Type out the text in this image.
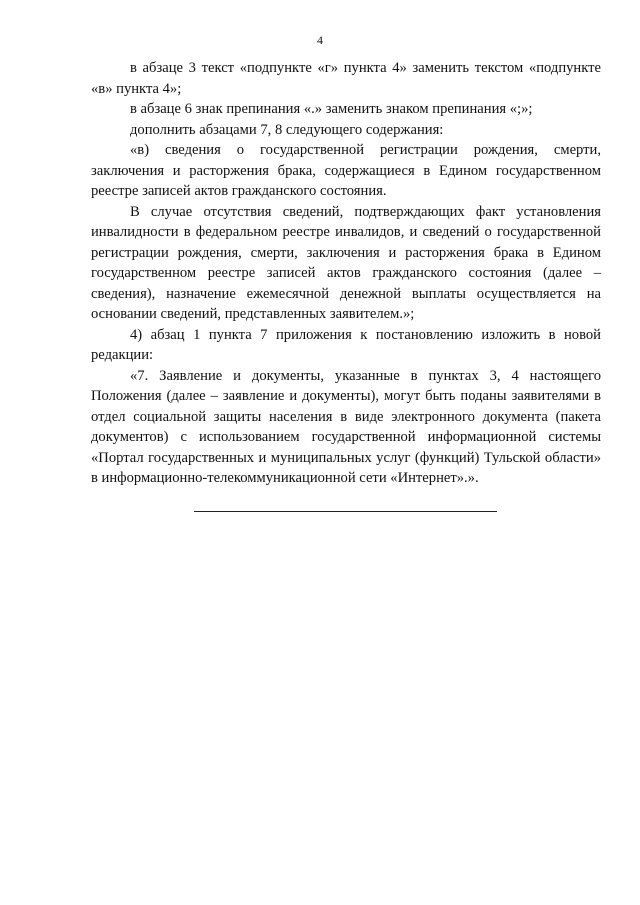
4

в абзаце 3 текст «подпункте «г» пункта 4» заменить текстом «подпункте «в» пункта 4»;

в абзаце 6 знак препинания «.» заменить знаком препинания «;»;

дополнить абзацами 7, 8 следующего содержания:

«в) сведения о государственной регистрации рождения, смерти, заключения и расторжения брака, содержащиеся в Едином государственном реестре записей актов гражданского состояния.

В случае отсутствия сведений, подтверждающих факт установления инвалидности в федеральном реестре инвалидов, и сведений о государственной регистрации рождения, смерти, заключения и расторжения брака в Едином государственном реестре записей актов гражданского состояния (далее – сведения), назначение ежемесячной денежной выплаты осуществляется на основании сведений, представленных заявителем.»;

4) абзац 1 пункта 7 приложения к постановлению изложить в новой редакции:

«7. Заявление и документы, указанные в пунктах 3, 4 настоящего Положения (далее – заявление и документы), могут быть поданы заявителями в отдел социальной защиты населения в виде электронного документа (пакета документов) с использованием государственной информационной системы «Портал государственных и муниципальных услуг (функций) Тульской области» в информационно-телекоммуникационной сети «Интернет».».
